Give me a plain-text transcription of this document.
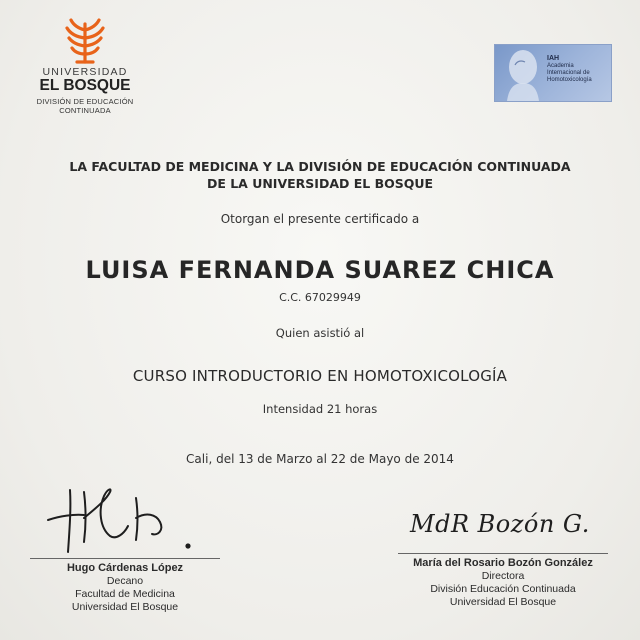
UNIVERSIDAD
EL BOSQUE
DIVISIÓN DE EDUCACIÓN
CONTINUADA
IAH
Academia Internacional de Homotoxicología
LA FACULTAD DE MEDICINA Y LA DIVISIÓN DE EDUCACIÓN CONTINUADA
DE LA UNIVERSIDAD EL BOSQUE
Otorgan el presente certificado a
LUISA FERNANDA SUAREZ CHICA
C.C. 67029949
Quien asistió al
CURSO INTRODUCTORIO EN HOMOTOXICOLOGÍA
Intensidad 21 horas
Cali, del 13 de Marzo al 22 de Mayo de 2014
MdR Bozón G.
Hugo Cárdenas López
Decano
Facultad de Medicina
Universidad El Bosque
María del Rosario Bozón González
Directora
División Educación Continuada
Universidad El Bosque
